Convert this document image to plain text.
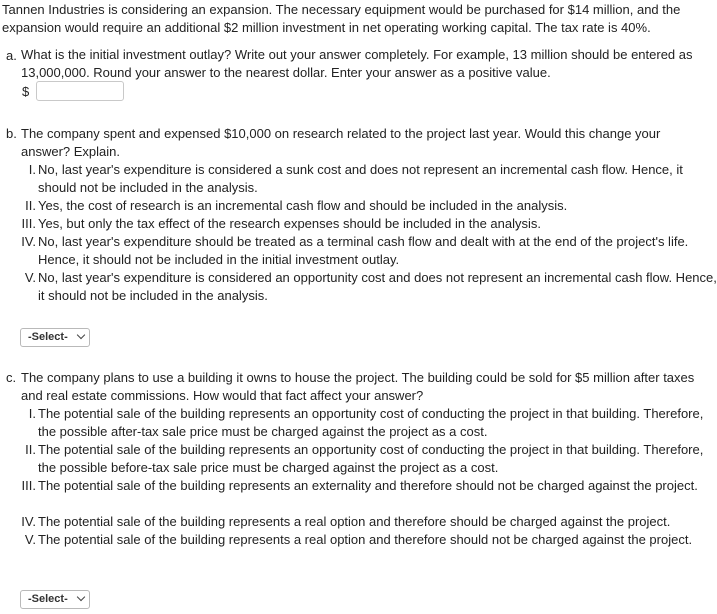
Tannen Industries is considering an expansion. The necessary equipment would be purchased for $14 million, and the expansion would require an additional $2 million investment in net operating working capital. The tax rate is 40%.
a. What is the initial investment outlay? Write out your answer completely. For example, 13 million should be entered as 13,000,000. Round your answer to the nearest dollar. Enter your answer as a positive value.
$
b. The company spent and expensed $10,000 on research related to the project last year. Would this change your answer? Explain.
I. No, last year's expenditure is considered a sunk cost and does not represent an incremental cash flow. Hence, it should not be included in the analysis.
II. Yes, the cost of research is an incremental cash flow and should be included in the analysis.
III. Yes, but only the tax effect of the research expenses should be included in the analysis.
IV. No, last year's expenditure should be treated as a terminal cash flow and dealt with at the end of the project's life. Hence, it should not be included in the initial investment outlay.
V. No, last year's expenditure is considered an opportunity cost and does not represent an incremental cash flow. Hence, it should not be included in the analysis.
-Select-
c. The company plans to use a building it owns to house the project. The building could be sold for $5 million after taxes and real estate commissions. How would that fact affect your answer?
I. The potential sale of the building represents an opportunity cost of conducting the project in that building. Therefore, the possible after-tax sale price must be charged against the project as a cost.
II. The potential sale of the building represents an opportunity cost of conducting the project in that building. Therefore, the possible before-tax sale price must be charged against the project as a cost.
III. The potential sale of the building represents an externality and therefore should not be charged against the project.
IV. The potential sale of the building represents a real option and therefore should be charged against the project.
V. The potential sale of the building represents a real option and therefore should not be charged against the project.
-Select-
